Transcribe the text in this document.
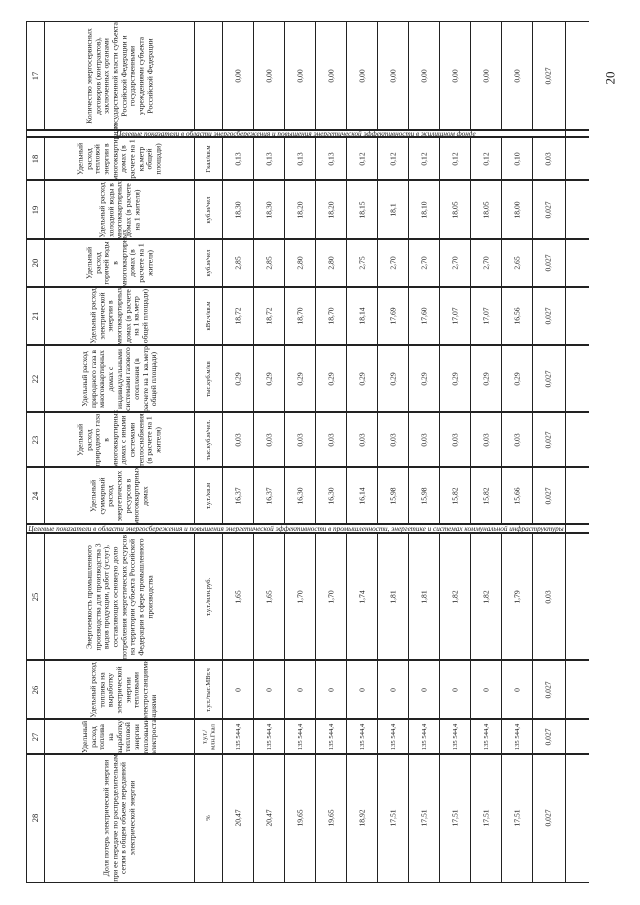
17	Количество энергосервисных договоров (контрактов), заключенных органами государственной власти субъекта Российской Федерации и государственными учреждениями субъекта Российской Федерации	0,00	0,00	0,00	0,00	0,00	0,00	0,00	0,00	0,00	0,00	0,027
Целевые показатели в области энергосбережения и повышения энергетической эффективности в жилищном фонде
18	Удельный расход тепловой энергии в многоквартирных домах (в расчете на 1 кв.метр общей площади)	Гкал/кв.м	0,13	0,13	0,13	0,13	0,12	0,12	0,12	0,12	0,12	0,10	0,03
19	Удельный расход холодной воды в многоквартирных домах (в расчете на 1 жителя)	куб.м/чел	18,30	18,30	18,20	18,20	18,15	18,1	18,10	18,05	18,05	18,00	0,027
20	Удельный расход горячей воды в многоквартирных домах (в расчете на 1 жителя)	куб.м/чел	2,85	2,85	2,80	2,80	2,75	2,70	2,70	2,70	2,70	2,65	0,027
21	Удельный расход электрической энергии в многоквартирных домах (в расчете на 1 кв.метр общей площади)	кВт.ч/кв.м	18,72	18,72	18,70	18,70	18,14	17,69	17,60	17,07	17,07	16,56	0,027
22	Удельный расход природного газа в многоквартирных домах с индивидуальными системами газового отопления (в расчете на 1 кв.метр общей площади)	тыс.куб.м/кв	0,29	0,29	0,29	0,29	0,29	0,29	0,29	0,29	0,29	0,29	0,027
23	Удельный расход природного газа в многоквартирных домах с иными системами теплоснабжения (в расчете на 1 жителя)	тыс.куб.м/чел.	0,03	0,03	0,03	0,03	0,03	0,03	0,03	0,03	0,03	0,03	0,027
24	Удельный суммарный расход энергетических ресурсов в многоквартирных домах	т.у.т./кв.м	16,37	16,37	16,30	16,30	16,14	15,98	15,98	15,82	15,82	15,66	0,027
Целевые показатели в области энергосбережения и повышения энергетической эффективности в промышленности, энергетике и системах коммунальной инфраструктуры
25	Энергоемкость промышленного производства для производства 3 видов продукции, работ (услуг), составляющих основную долю потребления энергетических ресурсов на территории субъекта Российской Федерации в сфере промышленного производства	т.у.т./млн.руб.	1,65	1,65	1,70	1,70	1,74	1,81	1,81	1,82	1,82	1,79	0,03
26	Удельный расход топлива на выработку электрической энергии тепловыми электростанциями	т.у.т./тыс.МВт.ч	0	0	0	0	0	0	0	0	0	0	0,027
27	Удельный расход топлива на выработку тепловой энергии тепловыми электростанциями	т.у.т./млн.Гкал	135 544,4	135 544,4	135 544,4	135 544,4	135 544,4	135 544,4	135 544,4	135 544,4	135 544,4	135 544,4	0,027
28	Доля потерь электрической энергии при ее передаче по распределительным сетям в общем объеме переданной электрической энергии	%	20,47	20,47	19,65	19,65	18,92	17,51	17,51	17,51	17,51	17,51	0,027
20
